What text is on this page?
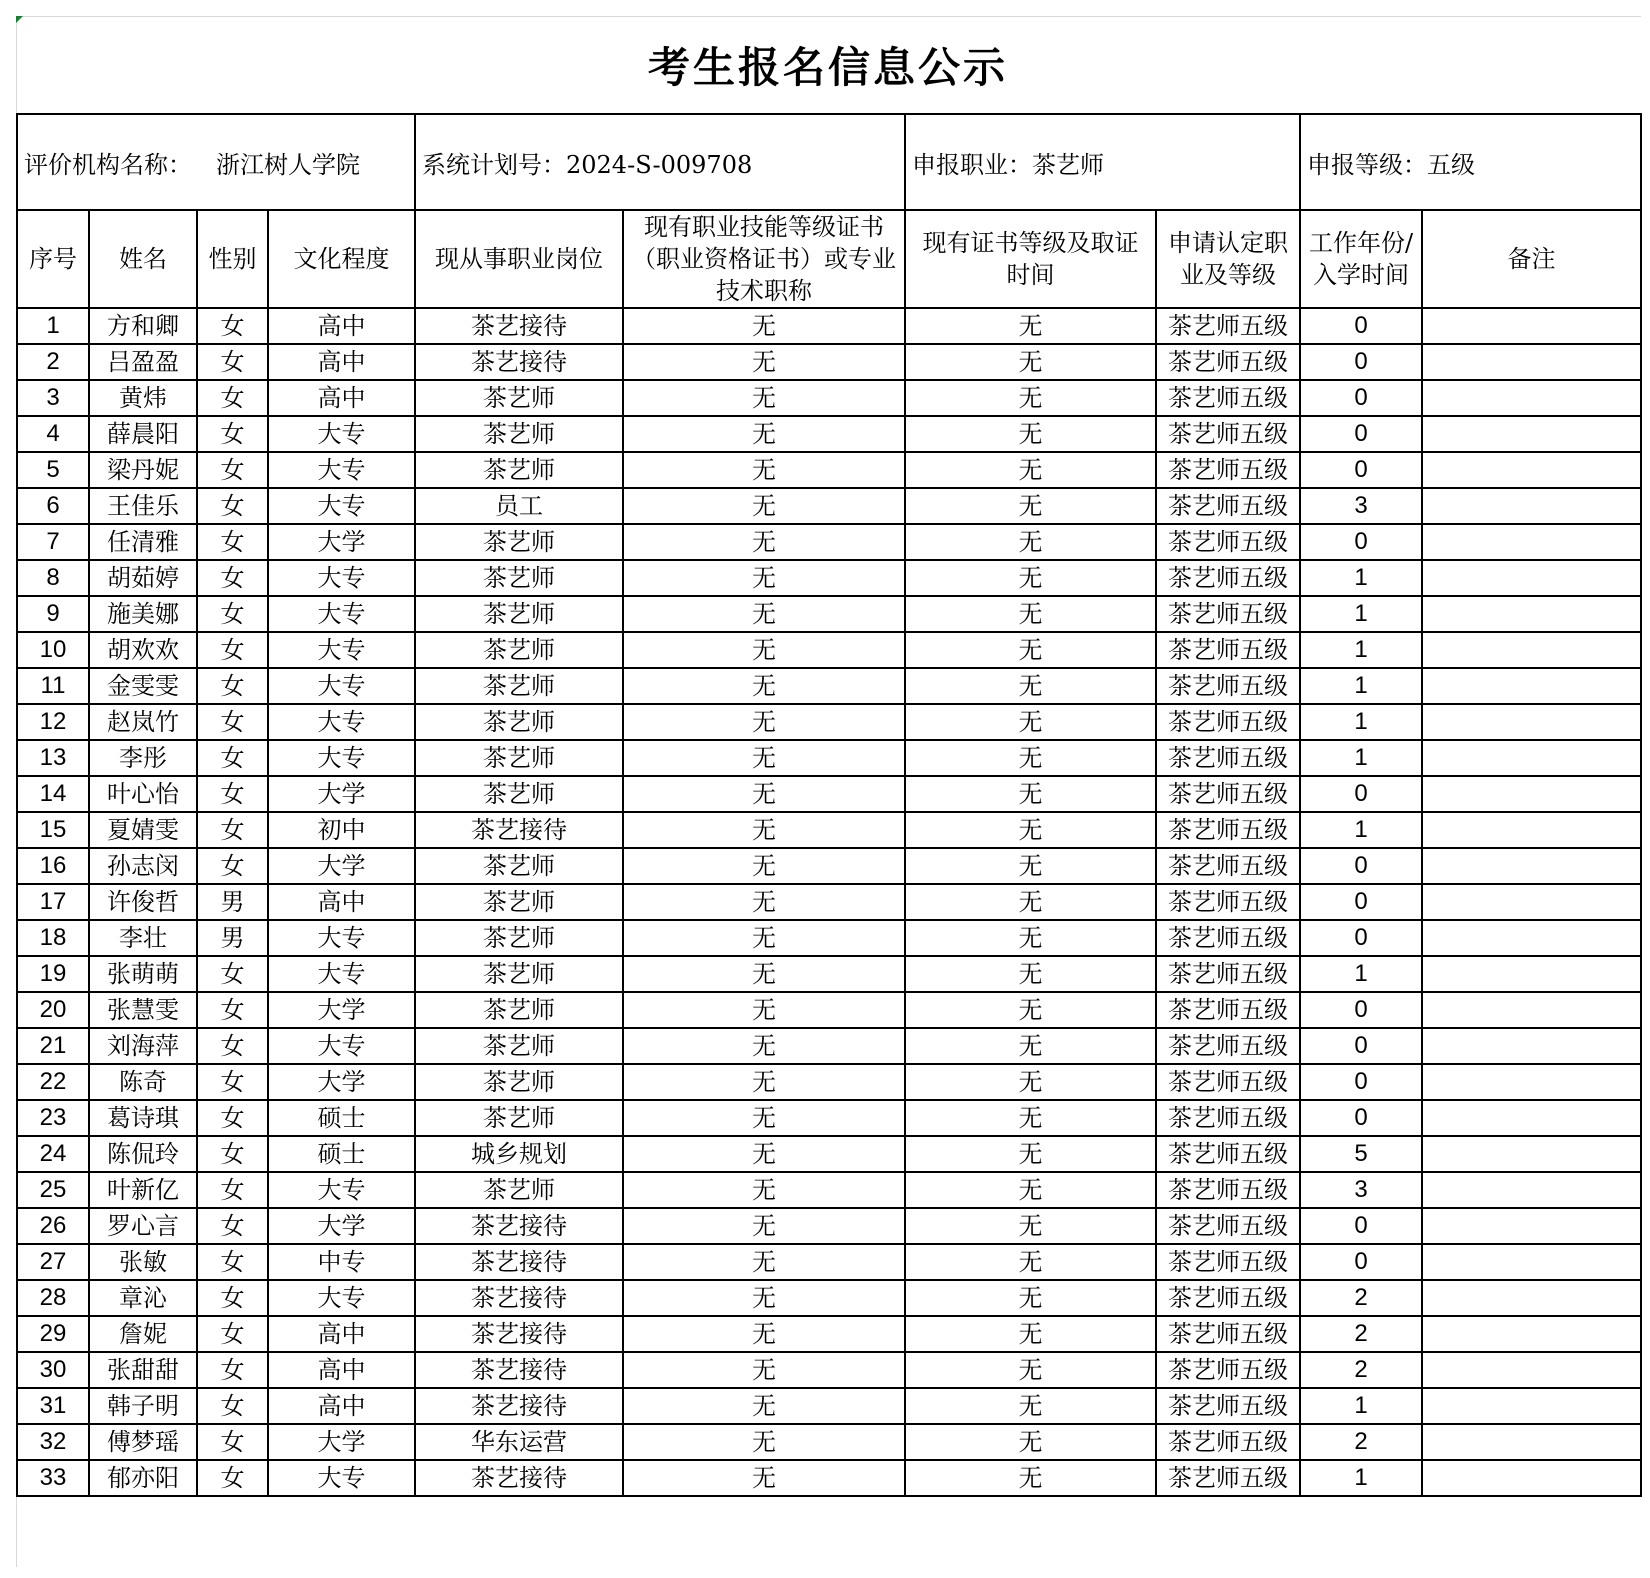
考生报名信息公示
评价机构名称： 浙江树人学院				系统计划号：2024-S-009708		申报职业：茶艺师		申报等级：五级	
序号	姓名	性别	文化程度	现从事职业岗位	现有职业技能等级证书（职业资格证书）或专业技术职称	现有证书等级及取证时间	申请认定职业及等级	工作年份/入学时间	备注
1	方和卿	女	高中	茶艺接待	无	无	茶艺师五级	0	
2	吕盈盈	女	高中	茶艺接待	无	无	茶艺师五级	0	
3	黄炜	女	高中	茶艺师	无	无	茶艺师五级	0	
4	薛晨阳	女	大专	茶艺师	无	无	茶艺师五级	0	
5	梁丹妮	女	大专	茶艺师	无	无	茶艺师五级	0	
6	王佳乐	女	大专	员工	无	无	茶艺师五级	3	
7	任清雅	女	大学	茶艺师	无	无	茶艺师五级	0	
8	胡茹婷	女	大专	茶艺师	无	无	茶艺师五级	1	
9	施美娜	女	大专	茶艺师	无	无	茶艺师五级	1	
10	胡欢欢	女	大专	茶艺师	无	无	茶艺师五级	1	
11	金雯雯	女	大专	茶艺师	无	无	茶艺师五级	1	
12	赵岚竹	女	大专	茶艺师	无	无	茶艺师五级	1	
13	李彤	女	大专	茶艺师	无	无	茶艺师五级	1	
14	叶心怡	女	大学	茶艺师	无	无	茶艺师五级	0	
15	夏婧雯	女	初中	茶艺接待	无	无	茶艺师五级	1	
16	孙志闵	女	大学	茶艺师	无	无	茶艺师五级	0	
17	许俊哲	男	高中	茶艺师	无	无	茶艺师五级	0	
18	李壮	男	大专	茶艺师	无	无	茶艺师五级	0	
19	张萌萌	女	大专	茶艺师	无	无	茶艺师五级	1	
20	张慧雯	女	大学	茶艺师	无	无	茶艺师五级	0	
21	刘海萍	女	大专	茶艺师	无	无	茶艺师五级	0	
22	陈奇	女	大学	茶艺师	无	无	茶艺师五级	0	
23	葛诗琪	女	硕士	茶艺师	无	无	茶艺师五级	0	
24	陈侃玲	女	硕士	城乡规划	无	无	茶艺师五级	5	
25	叶新亿	女	大专	茶艺师	无	无	茶艺师五级	3	
26	罗心言	女	大学	茶艺接待	无	无	茶艺师五级	0	
27	张敏	女	中专	茶艺接待	无	无	茶艺师五级	0	
28	章沁	女	大专	茶艺接待	无	无	茶艺师五级	2	
29	詹妮	女	高中	茶艺接待	无	无	茶艺师五级	2	
30	张甜甜	女	高中	茶艺接待	无	无	茶艺师五级	2	
31	韩子明	女	高中	茶艺接待	无	无	茶艺师五级	1	
32	傅梦瑶	女	大学	华东运营	无	无	茶艺师五级	2	
33	郁亦阳	女	大专	茶艺接待	无	无	茶艺师五级	1	
